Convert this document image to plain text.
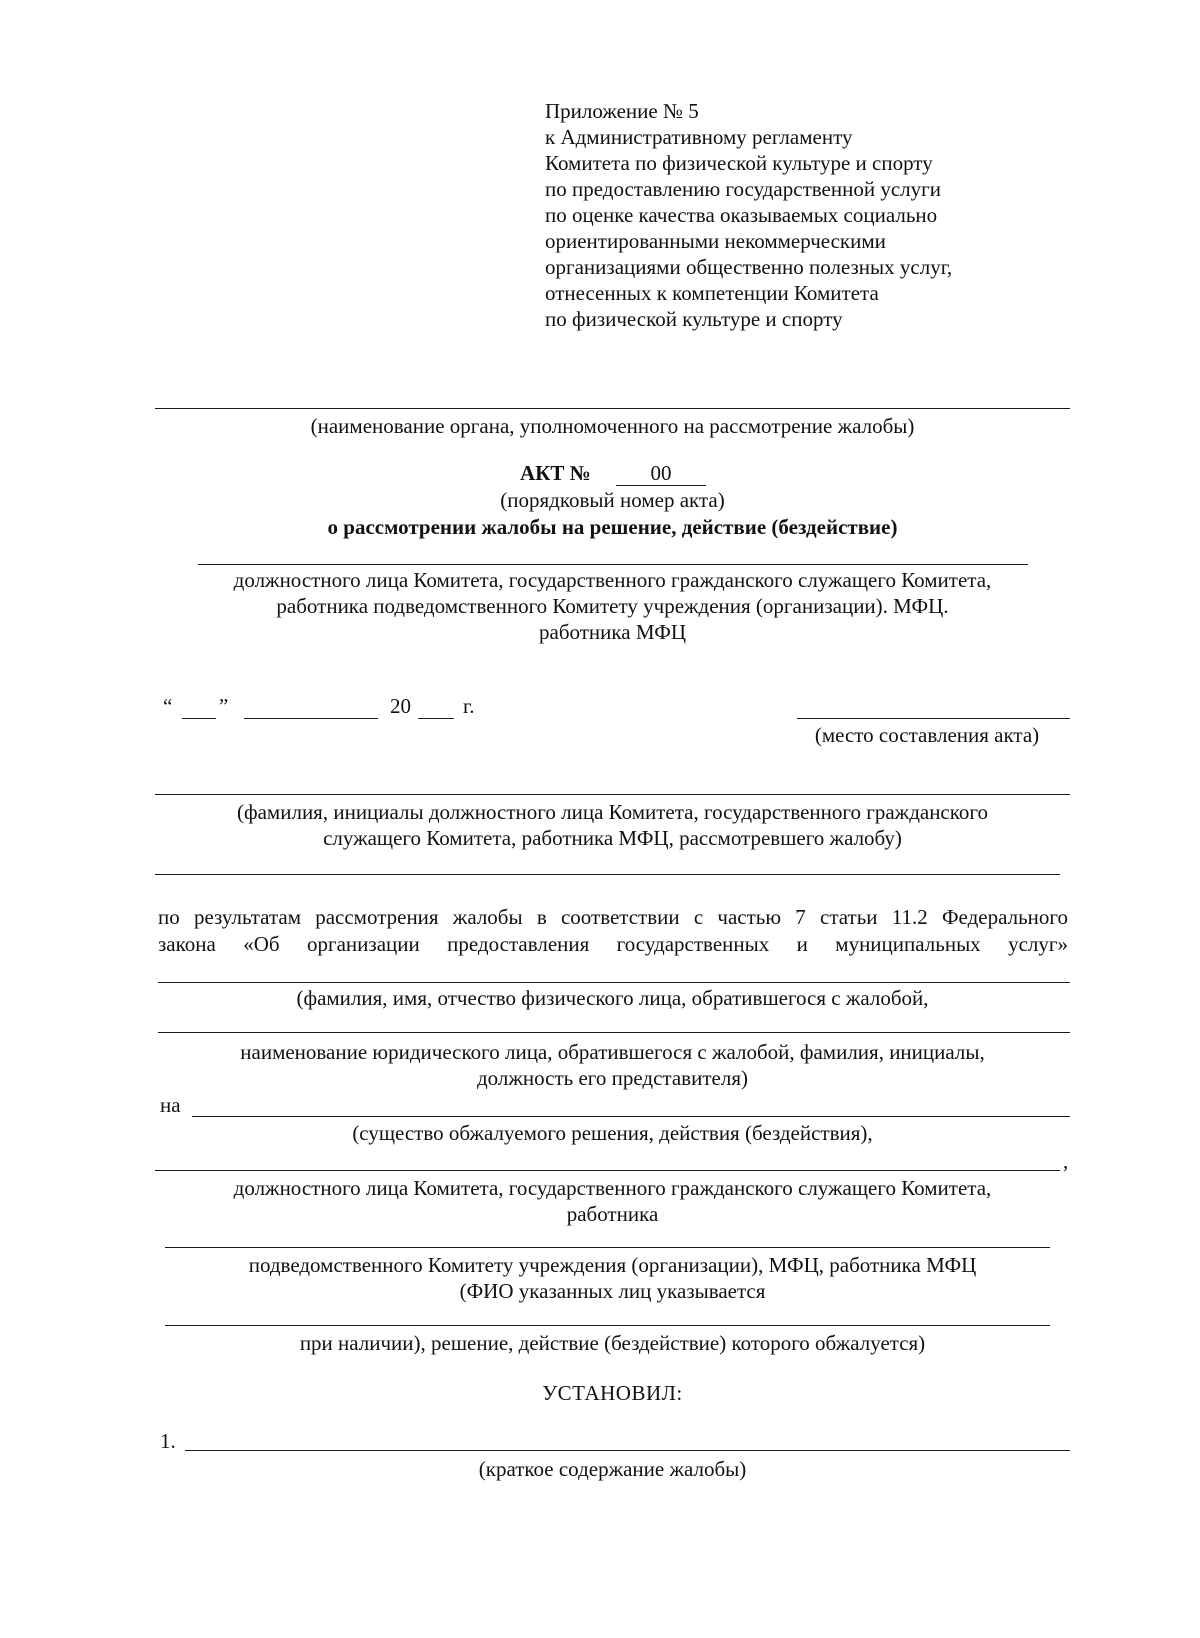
Приложение № 5
к Административному регламенту
Комитета по физической культуре и спорту
по предоставлению государственной услуги
по оценке качества оказываемых социально
ориентированными некоммерческими
организациями общественно полезных услуг,
отнесенных к компетенции Комитета
по физической культуре и спорту
(наименование органа, уполномоченного на рассмотрение жалобы)
АКТ №	00
(порядковый номер акта)
о рассмотрении жалобы на решение, действие (бездействие)
должностного лица Комитета, государственного гражданского служащего Комитета,
работника подведомственного Комитету учреждения (организации). МФЦ.
работника МФЦ
“ ”	20 г.
(место составления акта)
(фамилия, инициалы должностного лица Комитета, государственного гражданского
служащего Комитета, работника МФЦ, рассмотревшего жалобу)
по результатам рассмотрения жалобы в соответствии с частью 7 статьи 11.2 Федерального
закона «Об организации предоставления государственных и муниципальных услуг»
(фамилия, имя, отчество физического лица, обратившегося с жалобой,
наименование юридического лица, обратившегося с жалобой, фамилия, инициалы,
должность его представителя)
на
(существо обжалуемого решения, действия (бездействия),
,
должностного лица Комитета, государственного гражданского служащего Комитета,
работника
подведомственного Комитету учреждения (организации), МФЦ, работника МФЦ
(ФИО указанных лиц указывается
при наличии), решение, действие (бездействие) которого обжалуется)
УСТАНОВИЛ:
1.
(краткое содержание жалобы)
